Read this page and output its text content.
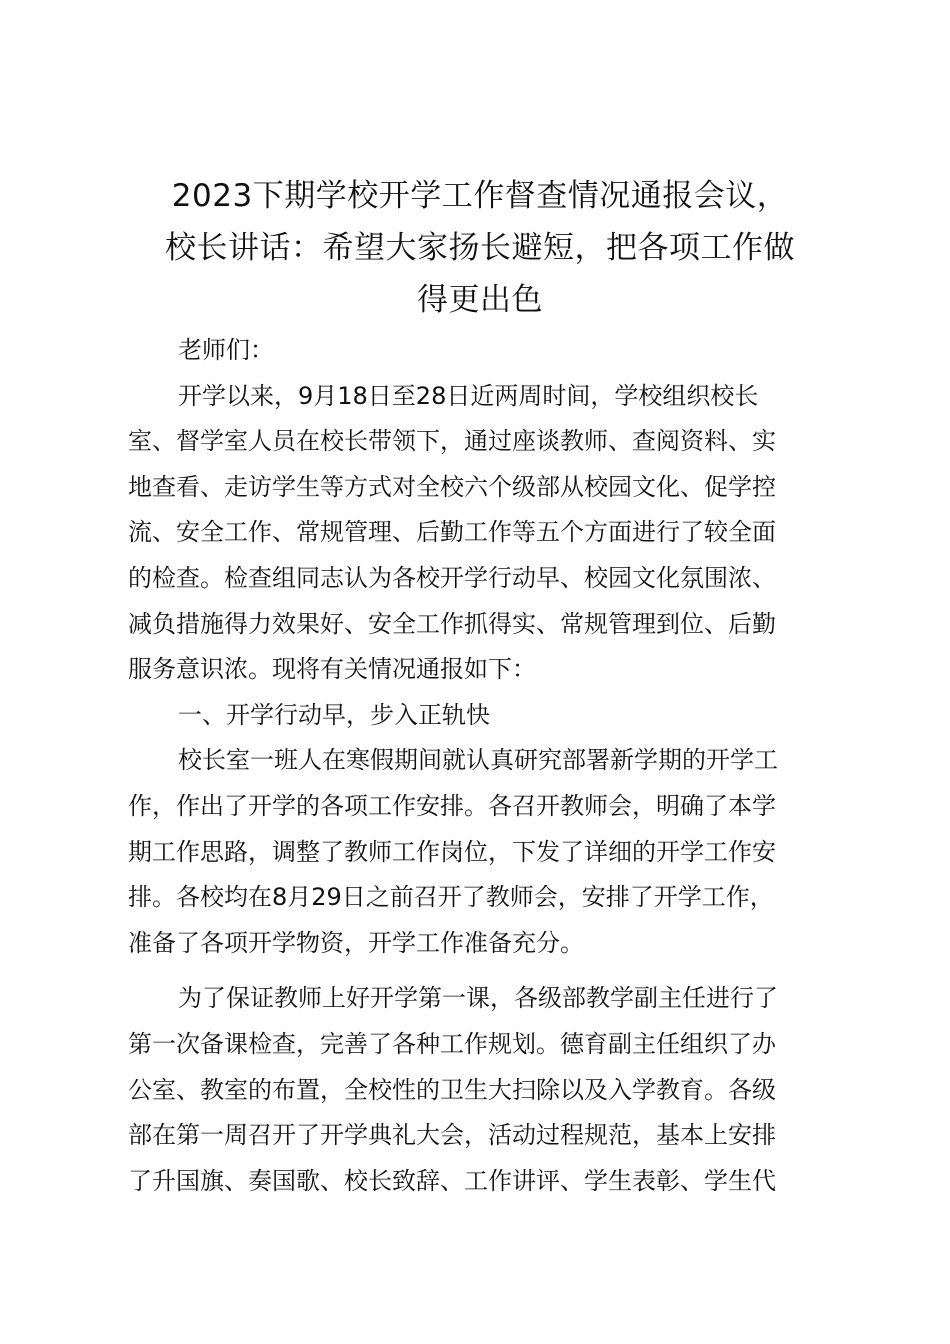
2023下期学校开学工作督查情况通报会议，
校长讲话：希望大家扬长避短，把各项工作做
得更出色
老师们：
开学以来，9月18日至28日近两周时间，学校组织校长
室、督学室人员在校长带领下，通过座谈教师、查阅资料、实
地查看、走访学生等方式对全校六个级部从校园文化、促学控
流、安全工作、常规管理、后勤工作等五个方面进行了较全面
的检查。检查组同志认为各校开学行动早、校园文化氛围浓、
减负措施得力效果好、安全工作抓得实、常规管理到位、后勤
服务意识浓。现将有关情况通报如下：
一、开学行动早，步入正轨快
校长室一班人在寒假期间就认真研究部署新学期的开学工
作，作出了开学的各项工作安排。各召开教师会，明确了本学
期工作思路，调整了教师工作岗位，下发了详细的开学工作安
排。各校均在8月29日之前召开了教师会，安排了开学工作，
准备了各项开学物资，开学工作准备充分。
为了保证教师上好开学第一课，各级部教学副主任进行了
第一次备课检查，完善了各种工作规划。德育副主任组织了办
公室、教室的布置，全校性的卫生大扫除以及入学教育。各级
部在第一周召开了开学典礼大会，活动过程规范，基本上安排
了升国旗、奏国歌、校长致辞、工作讲评、学生表彰、学生代
